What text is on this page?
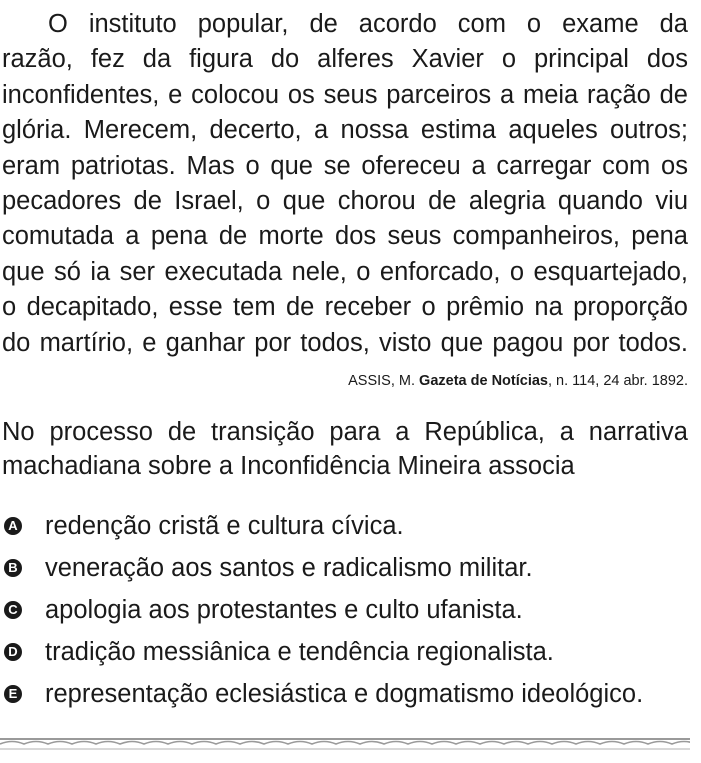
O instituto popular, de acordo com o exame da
razão, fez da figura do alferes Xavier o principal dos
inconfidentes, e colocou os seus parceiros a meia ração de
glória. Merecem, decerto, a nossa estima aqueles outros;
eram patriotas. Mas o que se ofereceu a carregar com os
pecadores de Israel, o que chorou de alegria quando viu
comutada a pena de morte dos seus companheiros, pena
que só ia ser executada nele, o enforcado, o esquartejado,
o decapitado, esse tem de receber o prêmio na proporção
do martírio, e ganhar por todos, visto que pagou por todos.

ASSIS, M. Gazeta de Notícias, n. 114, 24 abr. 1892.

No processo de transição para a República, a narrativa
machadiana sobre a Inconfidência Mineira associa

A redenção cristã e cultura cívica.
B veneração aos santos e radicalismo militar.
C apologia aos protestantes e culto ufanista.
D tradição messiânica e tendência regionalista.
E representação eclesiástica e dogmatismo ideológico.
